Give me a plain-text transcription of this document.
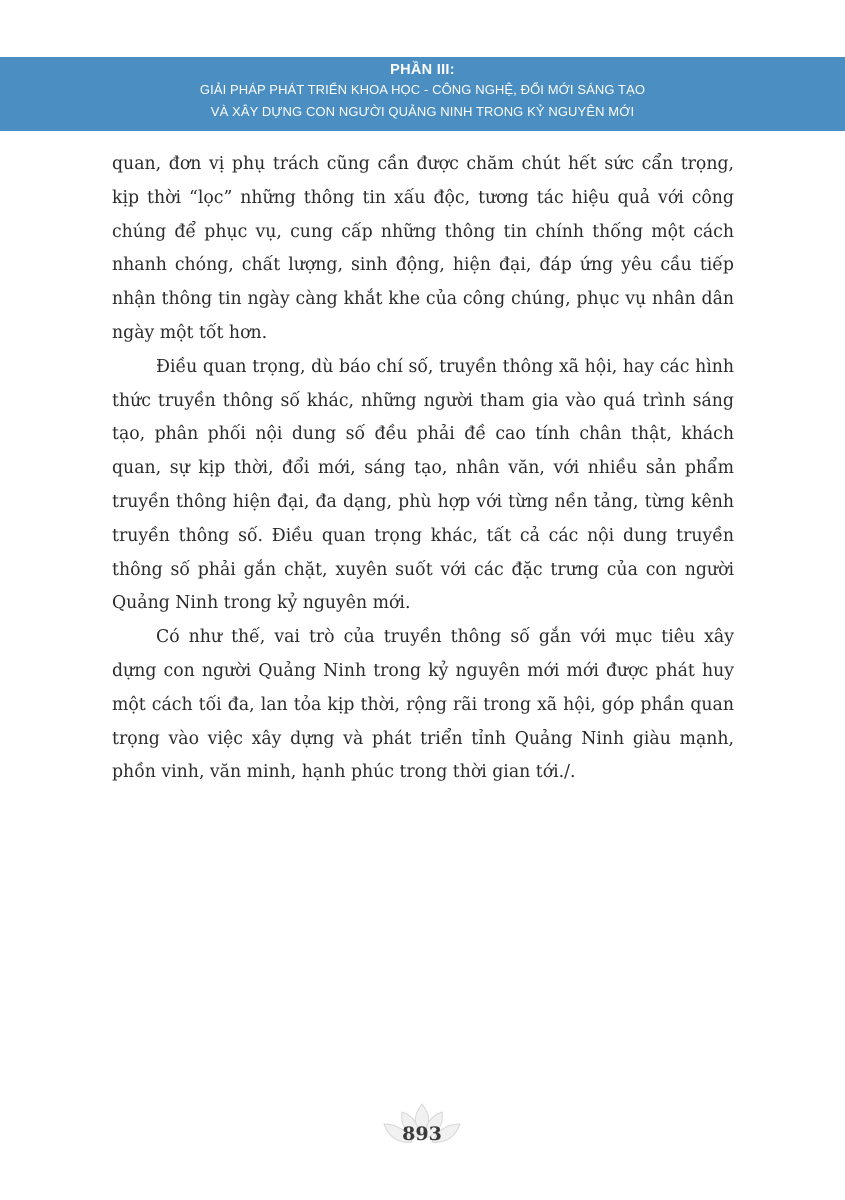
PHẦN III:
GIẢI PHÁP PHÁT TRIỂN KHOA HỌC - CÔNG NGHỆ, ĐỔI MỚI SÁNG TẠO
VÀ XÂY DỰNG CON NGƯỜI QUẢNG NINH TRONG KỶ NGUYÊN MỚI

quan, đơn vị phụ trách cũng cần được chăm chút hết sức cẩn trọng, kịp thời “lọc” những thông tin xấu độc, tương tác hiệu quả với công chúng để phục vụ, cung cấp những thông tin chính thống một cách nhanh chóng, chất lượng, sinh động, hiện đại, đáp ứng yêu cầu tiếp nhận thông tin ngày càng khắt khe của công chúng, phục vụ nhân dân ngày một tốt hơn.

Điều quan trọng, dù báo chí số, truyền thông xã hội, hay các hình thức truyền thông số khác, những người tham gia vào quá trình sáng tạo, phân phối nội dung số đều phải đề cao tính chân thật, khách quan, sự kịp thời, đổi mới, sáng tạo, nhân văn, với nhiều sản phẩm truyền thông hiện đại, đa dạng, phù hợp với từng nền tảng, từng kênh truyền thông số. Điều quan trọng khác, tất cả các nội dung truyền thông số phải gắn chặt, xuyên suốt với các đặc trưng của con người Quảng Ninh trong kỷ nguyên mới.

Có như thế, vai trò của truyền thông số gắn với mục tiêu xây dựng con người Quảng Ninh trong kỷ nguyên mới mới được phát huy một cách tối đa, lan tỏa kịp thời, rộng rãi trong xã hội, góp phần quan trọng vào việc xây dựng và phát triển tỉnh Quảng Ninh giàu mạnh, phồn vinh, văn minh, hạnh phúc trong thời gian tới./.

893
